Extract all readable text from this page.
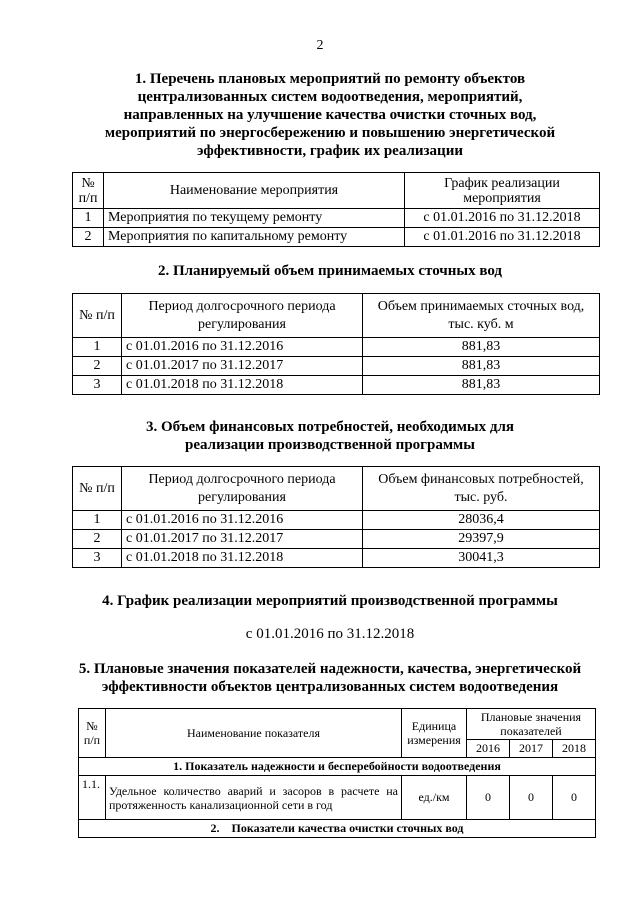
2
1. Перечень плановых мероприятий по ремонту объектов
централизованных систем водоотведения, мероприятий,
направленных на улучшение качества очистки сточных вод,
мероприятий по энергосбережению и повышению энергетической
эффективности, график их реализации
№ п/п	Наименование мероприятия	График реализации мероприятия
1	Мероприятия по текущему ремонту	с 01.01.2016 по 31.12.2018
2	Мероприятия по капитальному ремонту	с 01.01.2016 по 31.12.2018
2. Планируемый объем принимаемых сточных вод
№ п/п	Период долгосрочного периода регулирования	Объем принимаемых сточных вод, тыс. куб. м
1	с 01.01.2016 по 31.12.2016	881,83
2	с 01.01.2017 по 31.12.2017	881,83
3	с 01.01.2018 по 31.12.2018	881,83
3. Объем финансовых потребностей, необходимых для
реализации производственной программы
№ п/п	Период долгосрочного периода регулирования	Объем финансовых потребностей, тыс. руб.
1	с 01.01.2016 по 31.12.2016	28036,4
2	с 01.01.2017 по 31.12.2017	29397,9
3	с 01.01.2018 по 31.12.2018	30041,3
4. График реализации мероприятий производственной программы
с 01.01.2016 по 31.12.2018
5. Плановые значения показателей надежности, качества, энергетической
эффективности объектов централизованных систем водоотведения
№ п/п	Наименование показателя	Единица измерения	Плановые значения показателей		
			2016	2017	2018
1. Показатель надежности и бесперебойности водоотведения					
1.1.	Удельное количество аварий и засоров в расчете на протяженность канализационной сети в год	ед./км	0	0	0
2.    Показатели качества очистки сточных вод					
